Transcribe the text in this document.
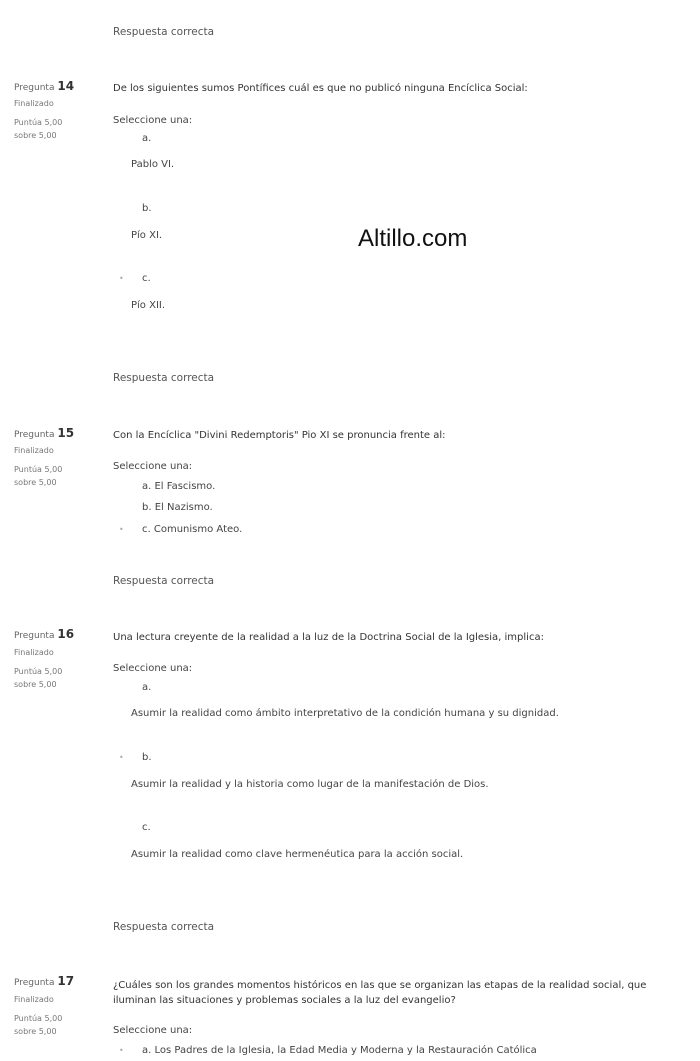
Respuesta correcta
Pregunta 14
Finalizado
Puntúa 5,00
sobre 5,00
De los siguientes sumos Pontífices cuál es que no publicó ninguna Encíclica Social:
Seleccione una:
a.
Pablo VI.
b.
Pío XI.
• c.
Pío XII.
Altillo.com
Respuesta correcta
Pregunta 15
Finalizado
Puntúa 5,00
sobre 5,00
Con la Encíclica "Divini Redemptoris" Pio XI se pronuncia frente al:
Seleccione una:
a. El Fascismo.
b. El Nazismo.
• c. Comunismo Ateo.
Respuesta correcta
Pregunta 16
Finalizado
Puntúa 5,00
sobre 5,00
Una lectura creyente de la realidad a la luz de la Doctrina Social de la Iglesia, implica:
Seleccione una:
a.
Asumir la realidad como ámbito interpretativo de la condición humana y su dignidad.
• b.
Asumir la realidad y la historia como lugar de la manifestación de Dios.
c.
Asumir la realidad como clave hermenéutica para la acción social.
Respuesta correcta
Pregunta 17
Finalizado
Puntúa 5,00
sobre 5,00
¿Cuáles son los grandes momentos históricos en las que se organizan las etapas de la realidad social, que iluminan las situaciones y problemas sociales a la luz del evangelio?
Seleccione una:
• a. Los Padres de la Iglesia, la Edad Media y Moderna y la Restauración Católica
